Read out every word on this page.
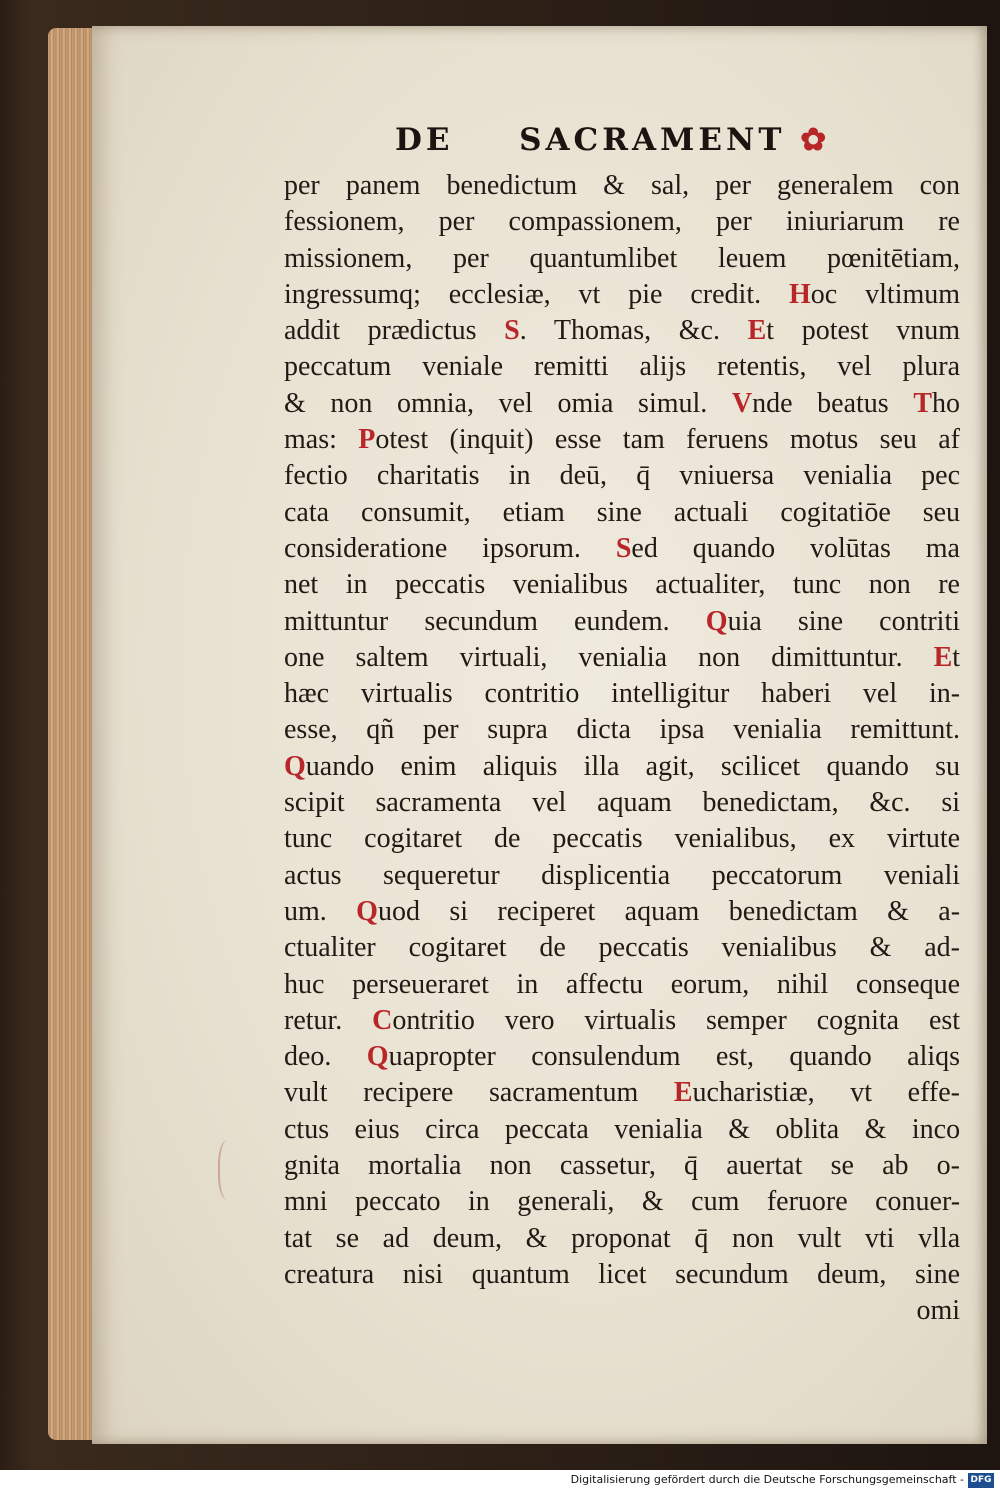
DE SACRAMENT ✿
per panem benedictum & sal, per generalem con
fessionem, per compassionem, per iniuriarum re
missionem, per quantumlibet leuem pœnitētiam,
ingressumq; ecclesiæ, vt pie credit. Hoc vltimum
addit prædictus S. Thomas, &c. Et potest vnum
peccatum veniale remitti alijs retentis, vel plura
& non omnia, vel omia simul. Vnde beatus Tho
mas: Potest (inquit) esse tam feruens motus seu af
fectio charitatis in deū, q̄ vniuersa venialia pec
cata consumit, etiam sine actuali cogitatiōe seu
consideratione ipsorum. Sed quando volūtas ma
net in peccatis venialibus actualiter, tunc non re
mittuntur secundum eundem. Quia sine contriti
one saltem virtuali, venialia non dimittuntur. Et
hæc virtualis contritio intelligitur haberi vel in-
esse, qñ per supra dicta ipsa venialia remittunt.
Quando enim aliquis illa agit, scilicet quando su
scipit sacramenta vel aquam benedictam, &c. si
tunc cogitaret de peccatis venialibus, ex virtute
actus sequeretur displicentia peccatorum veniali
um. Quod si reciperet aquam benedictam & a-
ctualiter cogitaret de peccatis venialibus & ad-
huc perseueraret in affectu eorum, nihil conseque
retur. Contritio vero virtualis semper cognita est
deo. Quapropter consulendum est, quando aliqs
vult recipere sacramentum Eucharistiæ, vt effe-
ctus eius circa peccata venialia & oblita & inco
gnita mortalia non cassetur, q̄ auertat se ab o-
mni peccato in generali, & cum feruore conuer-
tat se ad deum, & proponat q̄ non vult vti vlla
creatura nisi quantum licet secundum deum, sine
omi
Digitalisierung gefördert durch die Deutsche Forschungsgemeinschaft - DFG
